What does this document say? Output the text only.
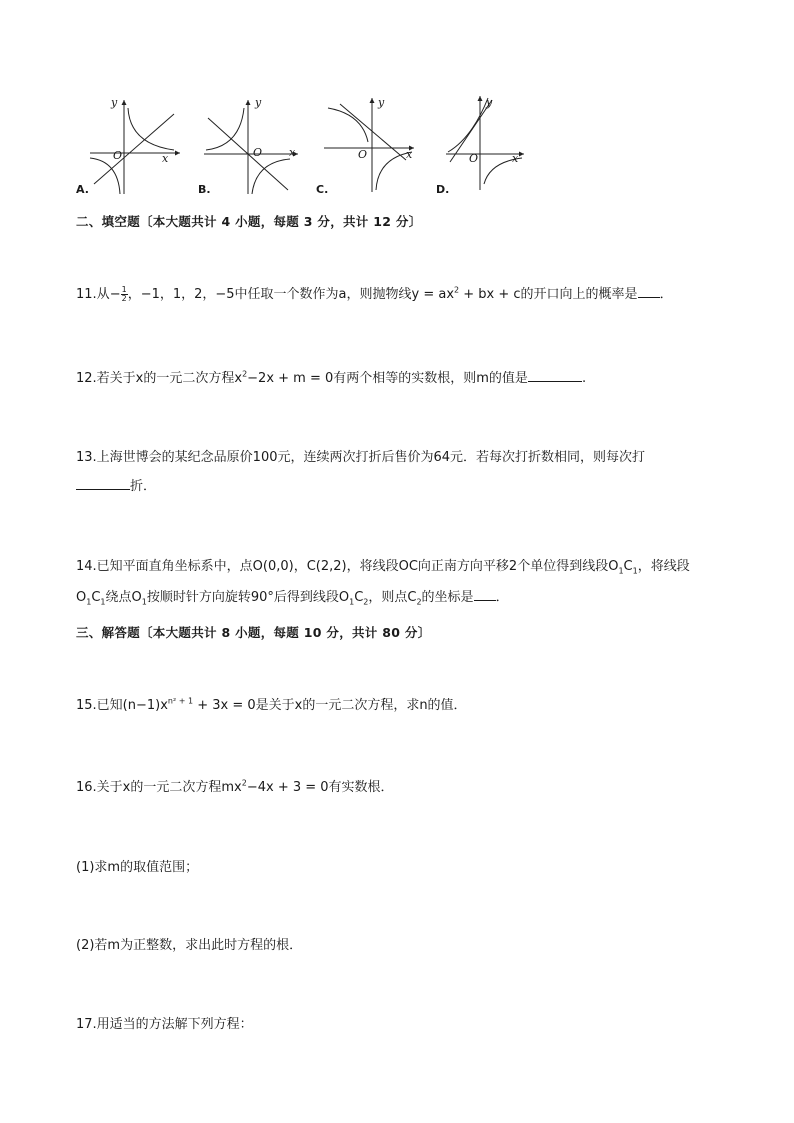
y
x
O
A.
y
x
O
B.
y
x
O
C.
y
x
O
D.
二、填空题〔本大题共计 4 小题，每题 3 分，共计 12 分〕
11.从− $\frac{1}{2}$ ，−1，1，2，−5中任取一个数作为a，则抛物线$y = ax^2$ + bx + c的开口向上的概率是 ．
12.若关于x的一元二次方程$x^2-2x + m = 0$有两个相等的实数根，则m的值是	.
13.上海世博会的某纪念品原价100元，连续两次打折后售价为64元．若每次打折数相同，则每次打
折．
14.已知平面直角坐标系中，点O(0,0)，C(2,2)，将线段OC向正南方向平移2个单位得到线段$O_1C_1$，将线段
$O_1C_1$绕点$O_1$按顺时针方向旋转90°后得到线段$O_1C_2$，则点$C_2$的坐标是 ．
三、解答题〔本大题共计 8 小题，每题 10 分，共计 80 分〕
15.已知$(n-1)x^{n^2 + 1} + 3x = 0$是关于x的一元二次方程，求n的值．
16.关于x的一元二次方程$mx^2-4x + 3 = 0$有实数根．
(1)求m的取值范围；
(2)若m为正整数，求出此时方程的根．
17.用适当的方法解下列方程：
